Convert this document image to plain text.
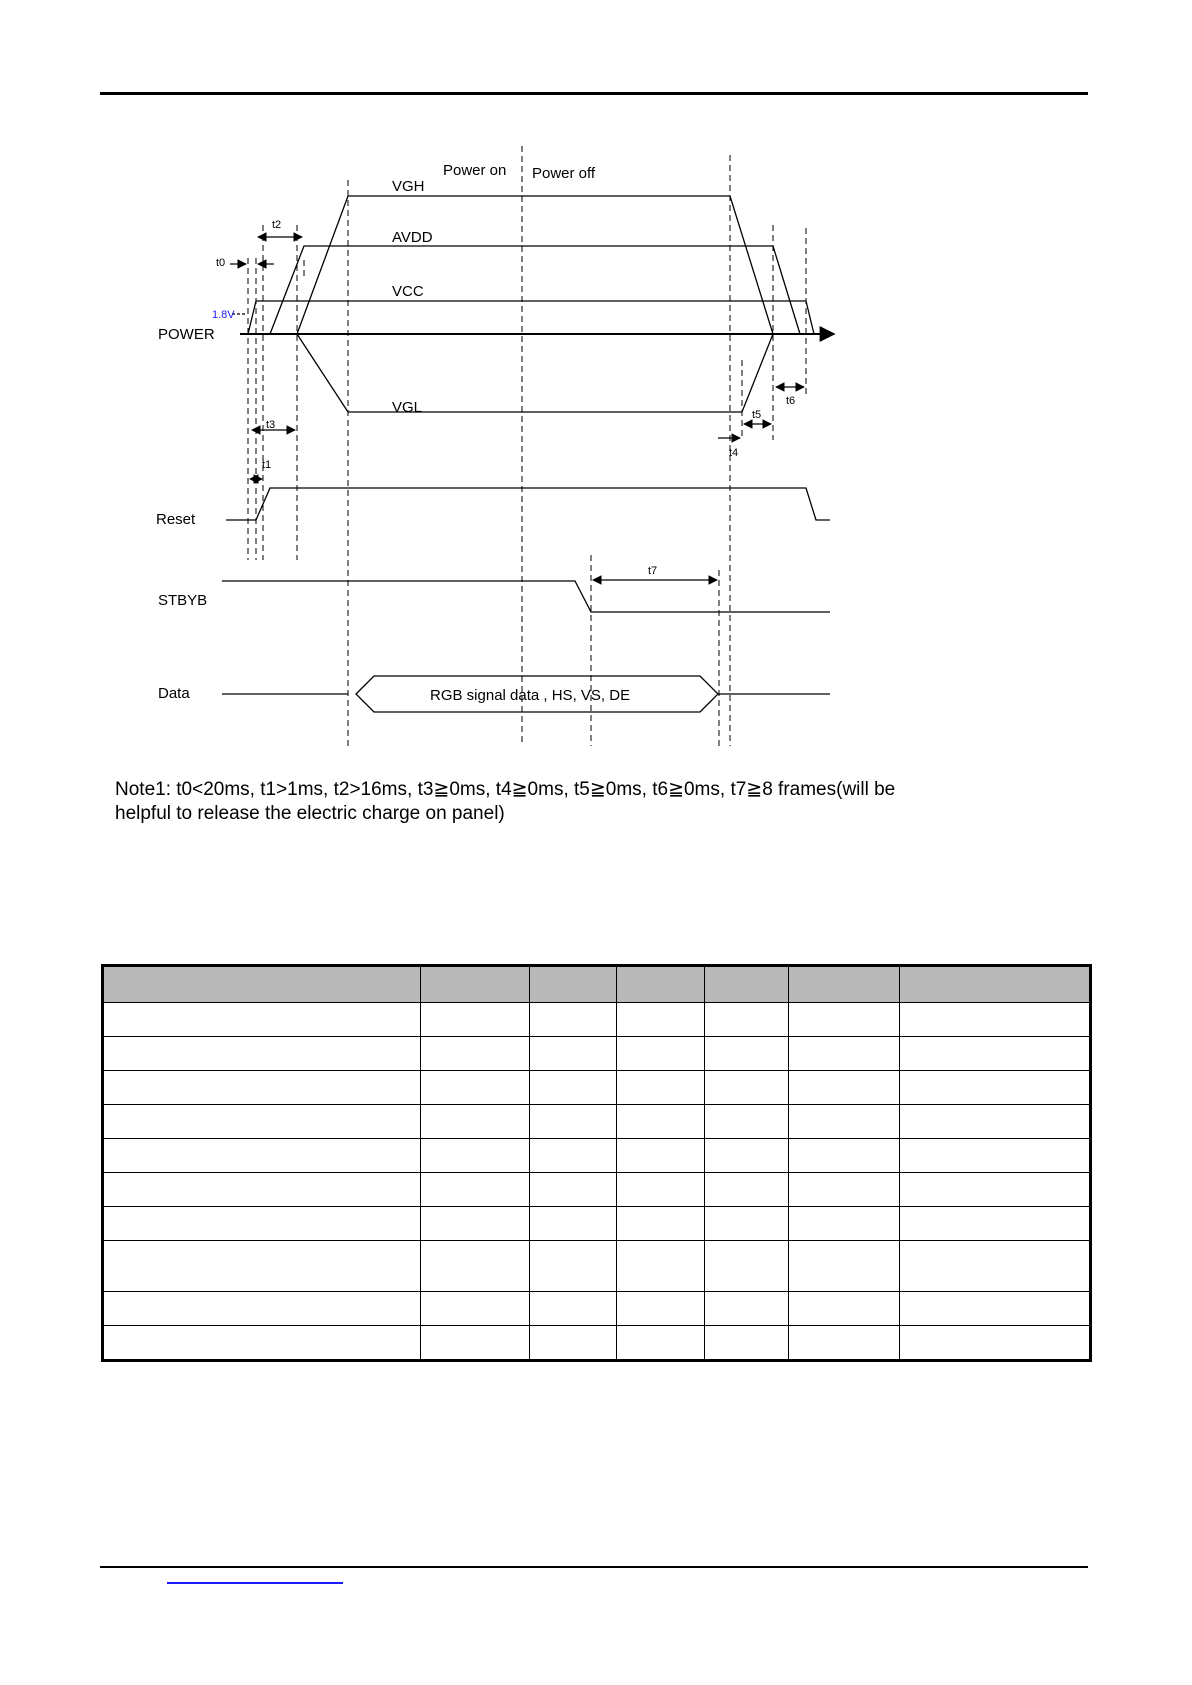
Power on Power off
VGH
AVDD
VCC
VGL
POWER
Reset
STBYB
Data	RGB signal data , HS, VS, DE
1.8V
t0
t2
t3
t1
t4
t5
t6
t7

Note1: t0<20ms, t1>1ms, t2>16ms, t3≧0ms, t4≧0ms, t5≧0ms, t6≧0ms, t7≧8 frames(will be
helpful to release the electric charge on panel)
